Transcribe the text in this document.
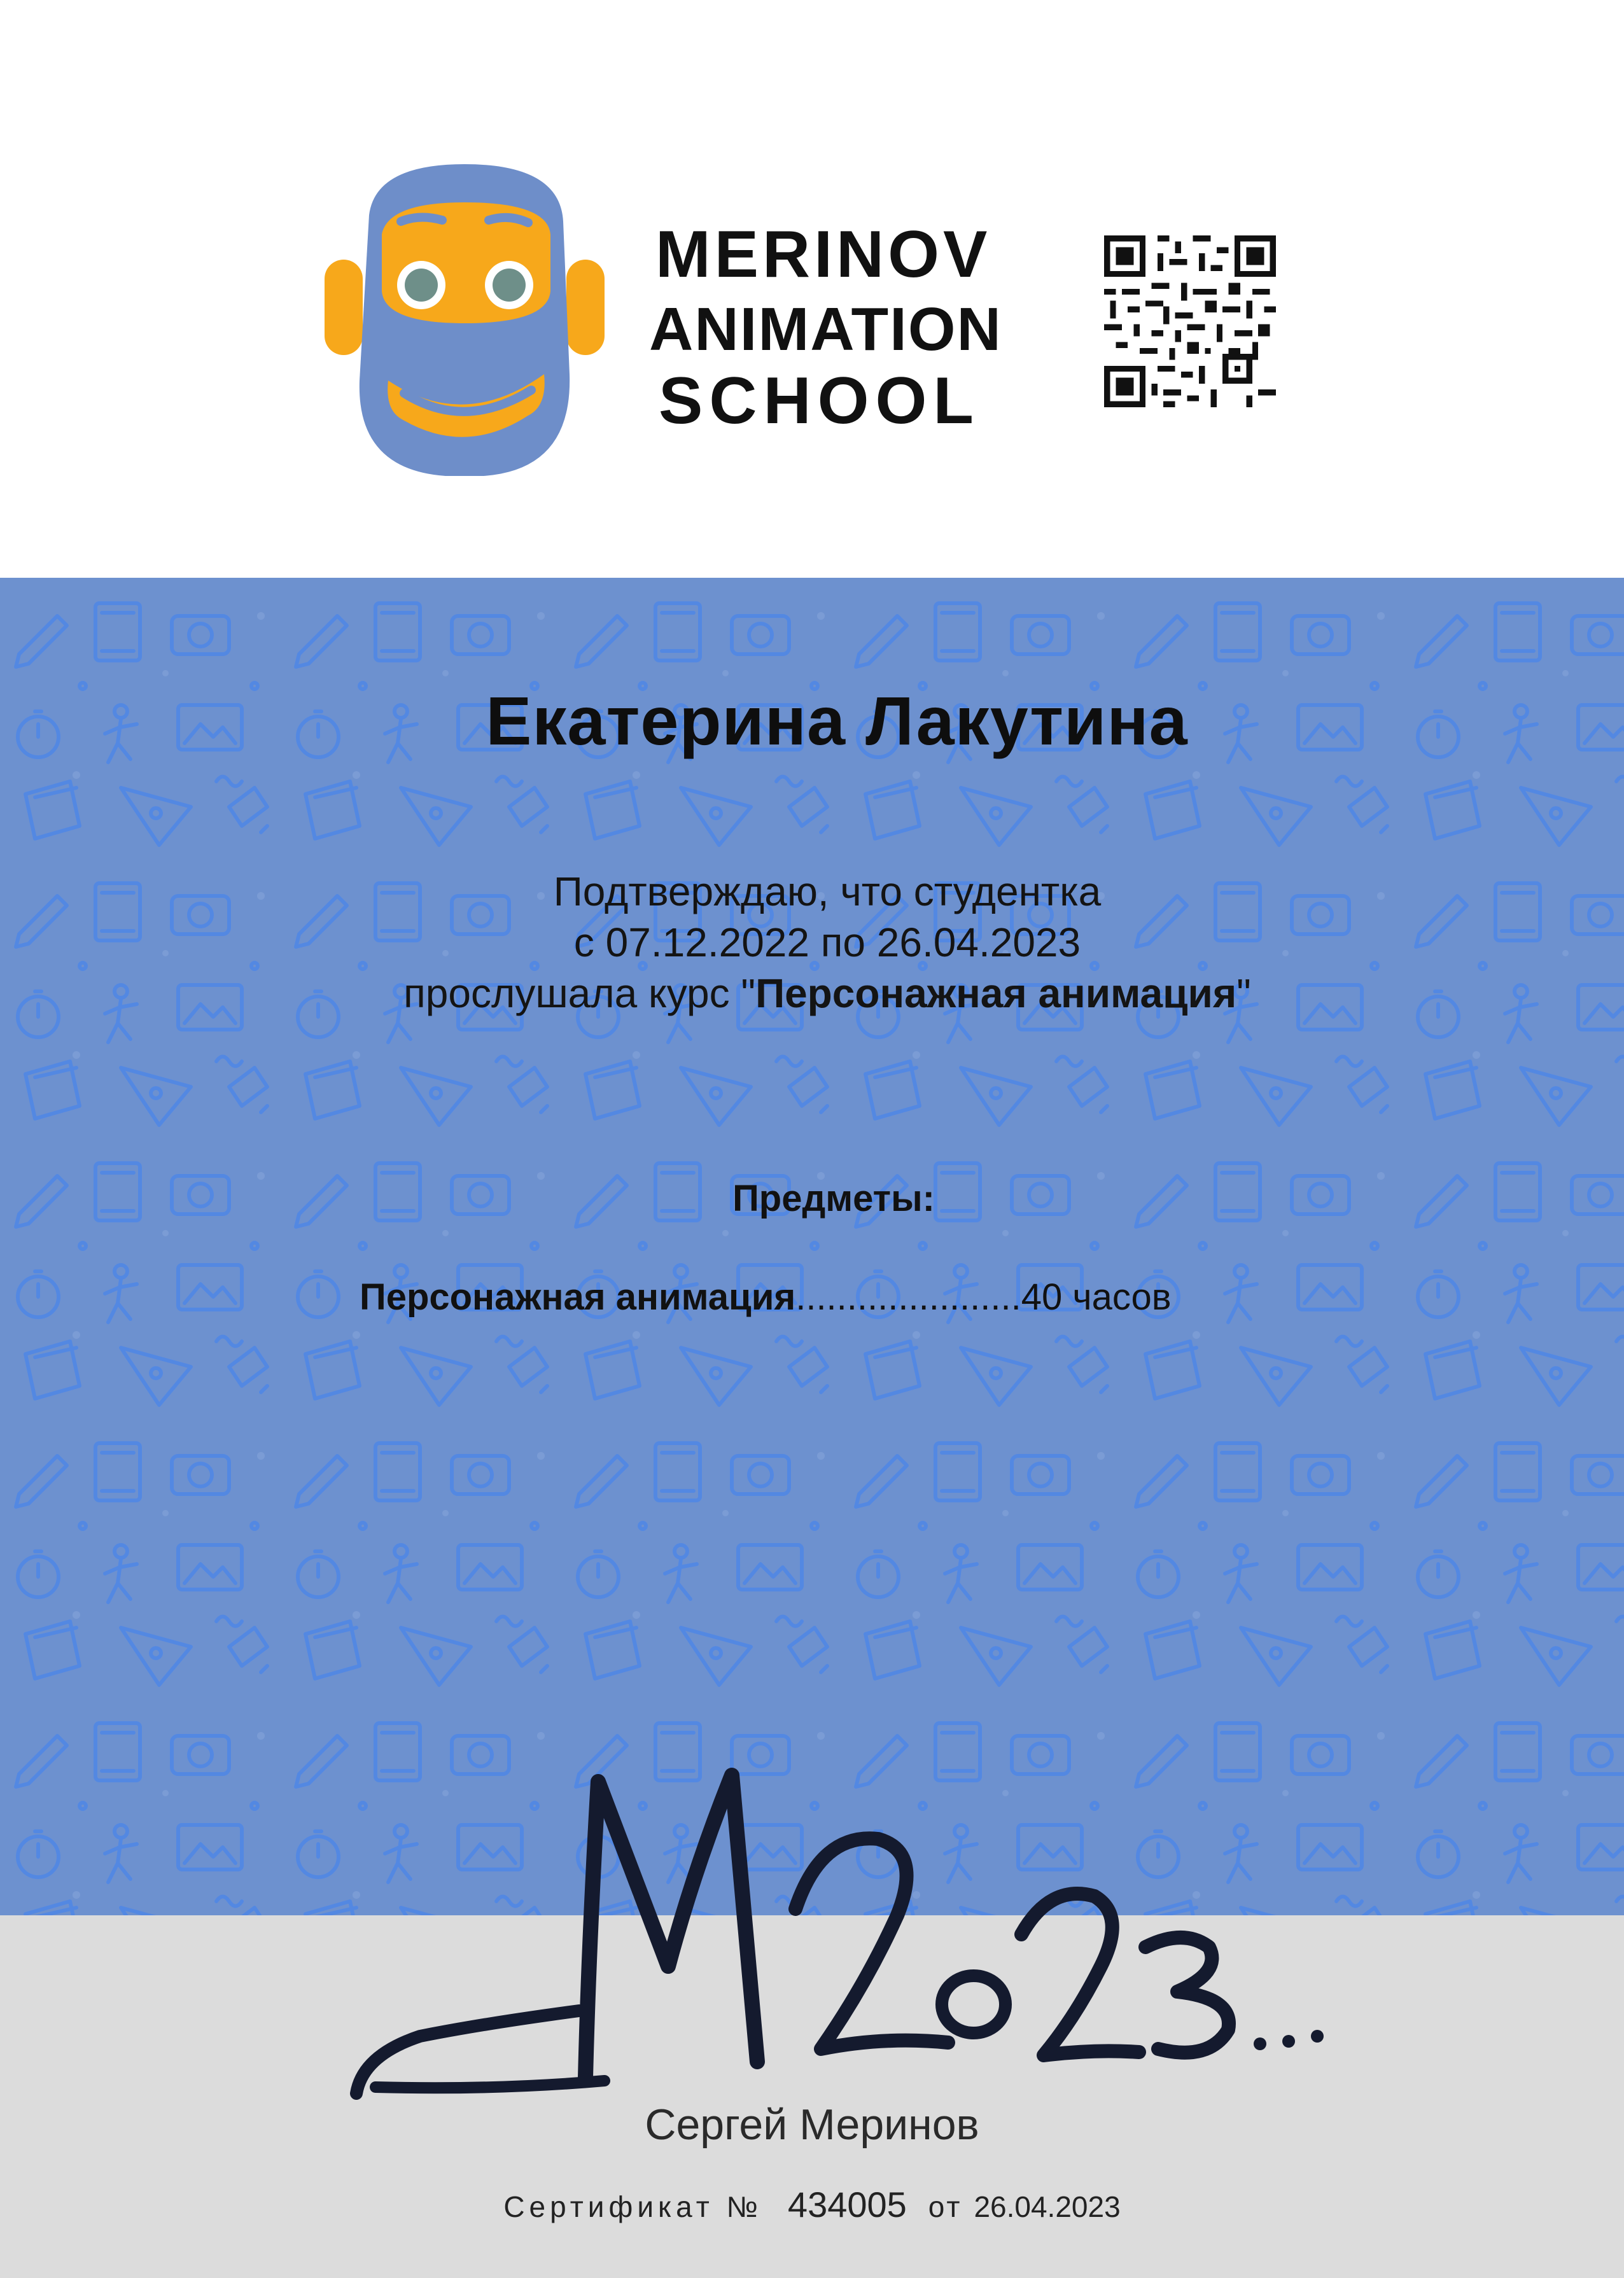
MERINOV
ANIMATION
SCHOOL
Екатерина Лакутина
Подтверждаю, что студентка
с 07.12.2022 по 26.04.2023
прослушала курс "Персонажная анимация"
Предметы:
Персонажная анимация......................40 часов
Сергей Меринов
Сертификат № 434005 от 26.04.2023
